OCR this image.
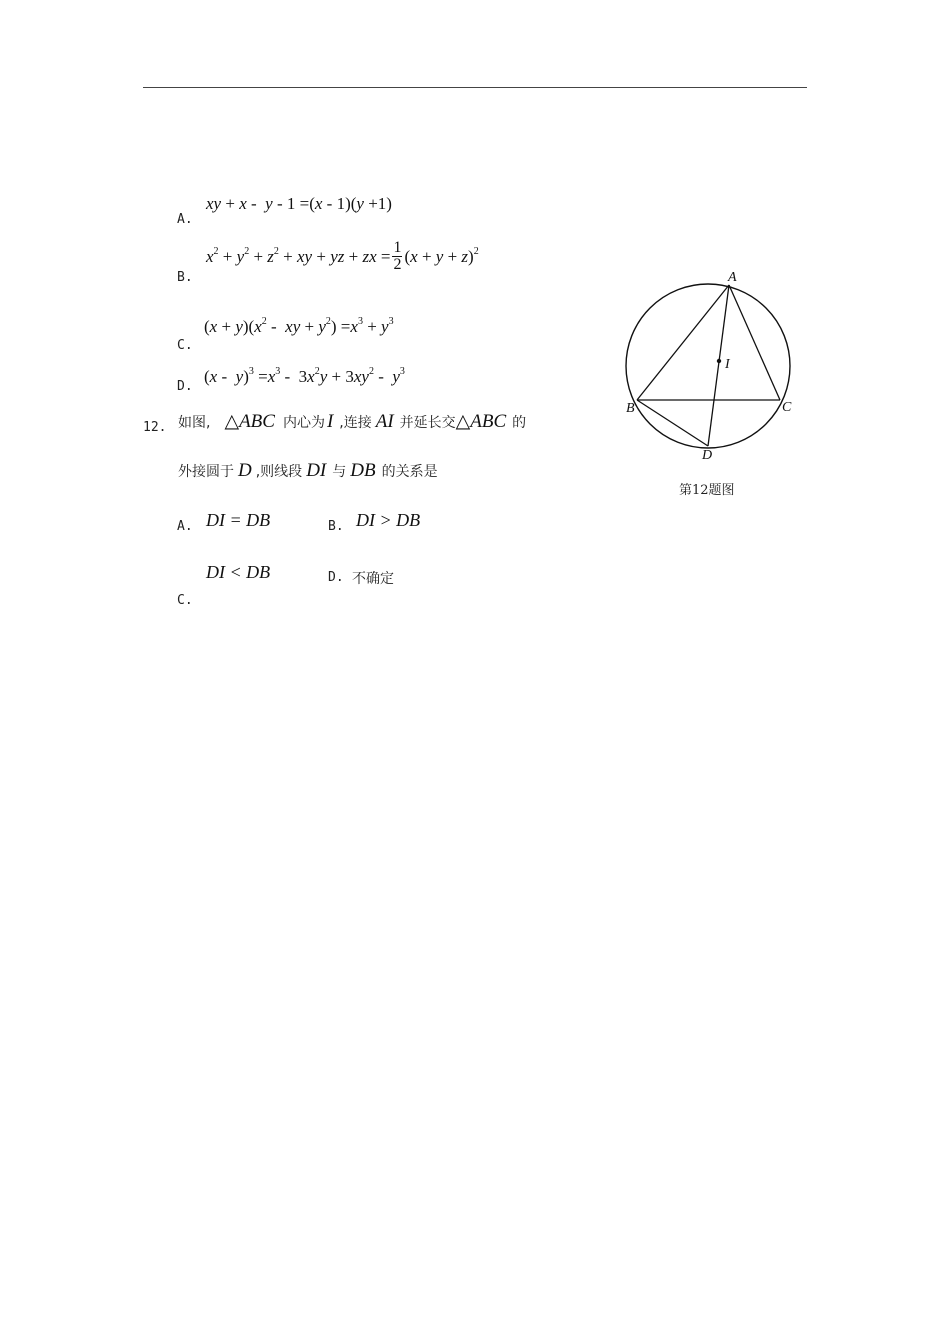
xy + x -  y - 1 =(x - 1)(y +1)
A.
$x^2 + y^2 + z^2$ + xy + yz + zx = $\frac{1}{2} (x + y + z)^2$
B.
$(x + y)(x^2$ -  xy + $y^2) =x^3 + y^3$
C.
$(x - y)^3 =x^3 - 3x^2y + 3xy^2 - y^3$
D.
12. 如图, △ABC 内心为 I ,连接 AI 并延长交△ABC 的
外接圆于 D ,则线段 DI 与 DB 的关系是
DI = DB
A.	B. DI > DB
DI < DB
C.
D. 不确定
A
B	C
D
I
第12题图
